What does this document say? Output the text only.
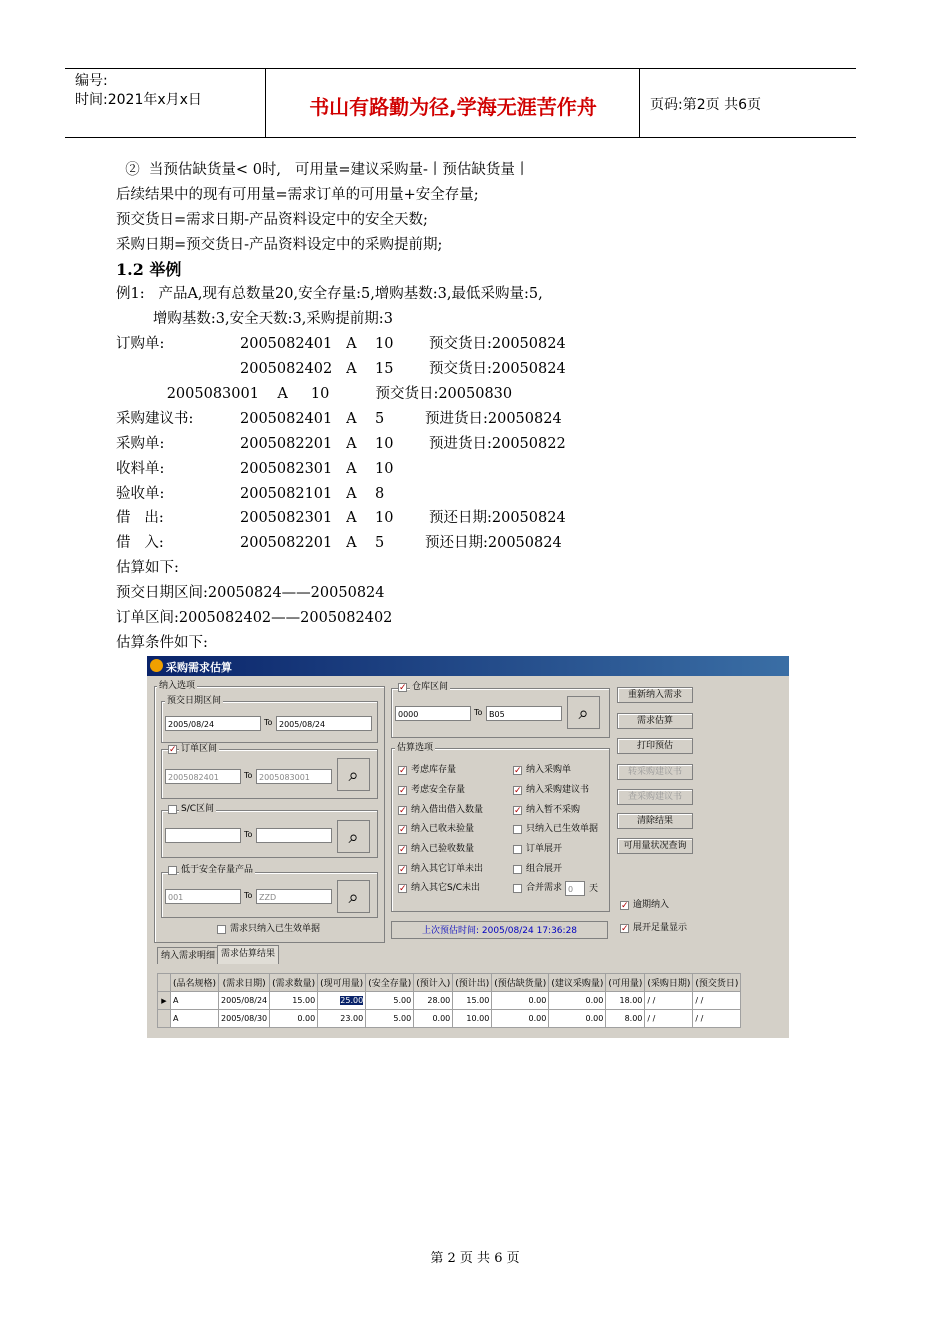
编号:
时间:2021年x月x日	书山有路勤为径,学海无涯苦作舟	页码:第2页 共6页
②  当预估缺货量< 0时,   可用量=建议采购量-丨预估缺货量丨
后续结果中的现有可用量=需求订单的可用量+安全存量;
预交货日=需求日期-产品资料设定中的安全天数;
采购日期=预交货日-产品资料设定中的采购提前期;
1.2 举例
例1:   产品A,现有总数量20,安全存量:5,增购基数:3,最低采购量:5,
增购基数:3,安全天数:3,采购提前期:3
订购单:	2005082401   A    10 预交货日:20050824
2005082402   A    15 预交货日:20050824
2005083001    A     10          预交货日:20050830
采购建议书:	2005082401   A    5	预进货日:20050824
采购单:	2005082201   A    10 预进货日:20050822
收料单:	2005082301   A    10
验收单:	2005082101   A    8
借   出:	2005082301   A    10 预还日期:20050824
借   入:	2005082201   A    5	预还日期:20050824
估算如下:
预交日期区间:20050824——20050824
订单区间:2005082402——2005082402
估算条件如下:
采购需求估算
纳入选项
预交日期区间
2005/08/24	To 2005/08/24
✓ 订单区间
2005082401	To 2005083001	⌕
S/C区间
To	⌕
低于安全存量产品
001	To ZZD	⌕
需求只纳入已生效单据
✓ 仓库区间
0000	To B05	⌕
估算选项
✓ 考虑库存量
✓ 考虑安全存量
✓ 纳入借出借入数量
✓ 纳入已收未验量
✓ 纳入已验收数量
✓ 纳入其它订单未出
✓ 纳入其它S/C未出
✓ 纳入采购单
✓ 纳入采购建议书
✓ 纳入暂不采购
只纳入已生效单据
订单展开
组合展开
合并需求 0	天
上次预估时间: 2005/08/24 17:36:28
重新纳入需求
需求估算
打印预估
转采购建议书
查采购建议书
清除结果
可用量状况查询
✓ 逾期纳入
✓ 展开足量显示
纳入需求明细 需求估算结果
	(品名规格)	(需求日期)	(需求数量)	(现可用量)	(安全存量)	(预计入)	(预计出)	(预估缺货量)	(建议采购量)	(可用量)	(采购日期)	(预交货日)
▶	A	2005/08/24	15.00	25.00	5.00	28.00	15.00	0.00	0.00	18.00	/ /	/ /
	A	2005/08/30	0.00	23.00	5.00	0.00	10.00	0.00	0.00	8.00	/ /	/ /
第 2 页 共 6 页
